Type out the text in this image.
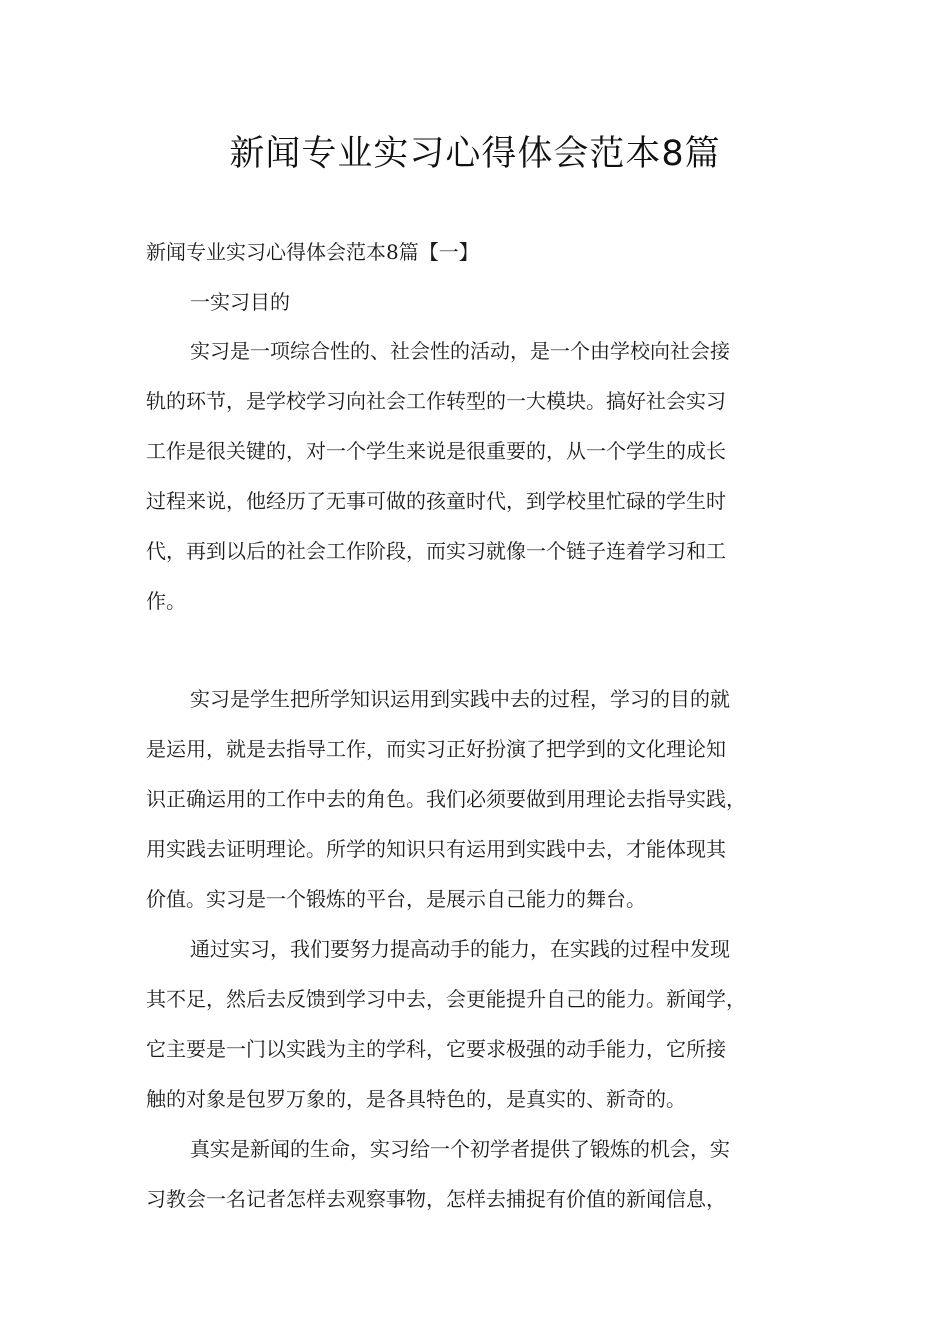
新闻专业实习心得体会范本8篇
新闻专业实习心得体会范本8篇【一】
一实习目的
实习是一项综合性的、社会性的活动，是一个由学校向社会接
轨的环节，是学校学习向社会工作转型的一大模块。搞好社会实习
工作是很关键的，对一个学生来说是很重要的，从一个学生的成长
过程来说，他经历了无事可做的孩童时代，到学校里忙碌的学生时
代，再到以后的社会工作阶段，而实习就像一个链子连着学习和工
作。
实习是学生把所学知识运用到实践中去的过程，学习的目的就
是运用，就是去指导工作，而实习正好扮演了把学到的文化理论知
识正确运用的工作中去的角色。我们必须要做到用理论去指导实践，
用实践去证明理论。所学的知识只有运用到实践中去，才能体现其
价值。实习是一个锻炼的平台，是展示自己能力的舞台。
通过实习，我们要努力提高动手的能力，在实践的过程中发现
其不足，然后去反馈到学习中去，会更能提升自己的能力。新闻学，
它主要是一门以实践为主的学科，它要求极强的动手能力，它所接
触的对象是包罗万象的，是各具特色的，是真实的、新奇的。
真实是新闻的生命，实习给一个初学者提供了锻炼的机会，实
习教会一名记者怎样去观察事物，怎样去捕捉有价值的新闻信息，
